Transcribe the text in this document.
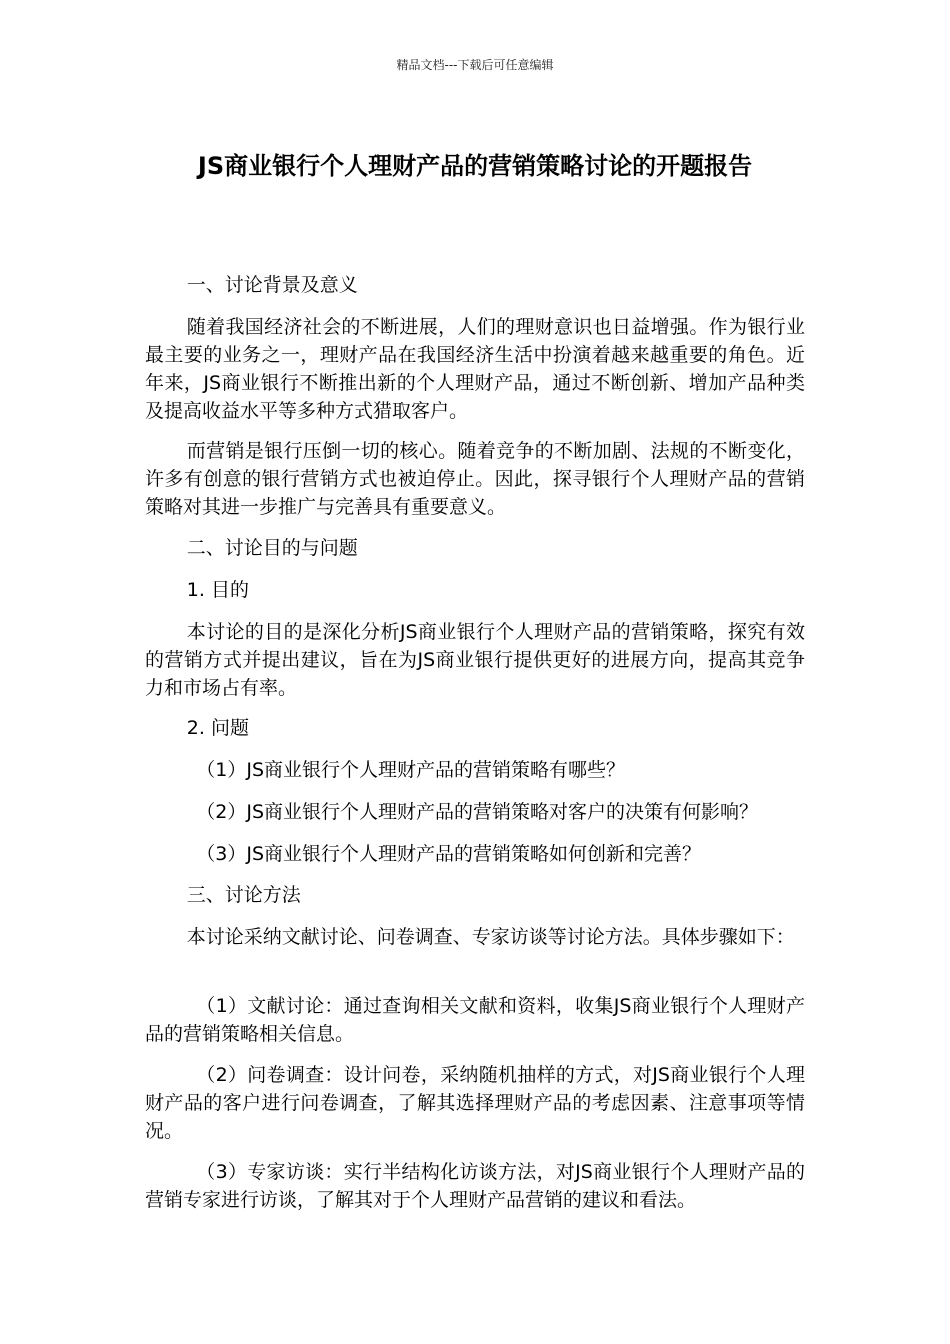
精品文档---下载后可任意编辑
JS商业银行个人理财产品的营销策略讨论的开题报告

一、讨论背景及意义

随着我国经济社会的不断进展，人们的理财意识也日益增强。作为银行业最主要的业务之一，理财产品在我国经济生活中扮演着越来越重要的角色。近年来，JS商业银行不断推出新的个人理财产品，通过不断创新、增加产品种类及提高收益水平等多种方式猎取客户。

而营销是银行压倒一切的核心。随着竞争的不断加剧、法规的不断变化，许多有创意的银行营销方式也被迫停止。因此，探寻银行个人理财产品的营销策略对其进一步推广与完善具有重要意义。

二、讨论目的与问题

1. 目的

本讨论的目的是深化分析JS商业银行个人理财产品的营销策略，探究有效的营销方式并提出建议，旨在为JS商业银行提供更好的进展方向，提高其竞争力和市场占有率。

2. 问题

（1）JS商业银行个人理财产品的营销策略有哪些？

（2）JS商业银行个人理财产品的营销策略对客户的决策有何影响？

（3）JS商业银行个人理财产品的营销策略如何创新和完善？

三、讨论方法

本讨论采纳文献讨论、问卷调查、专家访谈等讨论方法。具体步骤如下：

（1）文献讨论：通过查询相关文献和资料，收集JS商业银行个人理财产品的营销策略相关信息。

（2）问卷调查：设计问卷，采纳随机抽样的方式，对JS商业银行个人理财产品的客户进行问卷调查，了解其选择理财产品的考虑因素、注意事项等情况。

（3）专家访谈：实行半结构化访谈方法，对JS商业银行个人理财产品的营销专家进行访谈，了解其对于个人理财产品营销的建议和看法。
